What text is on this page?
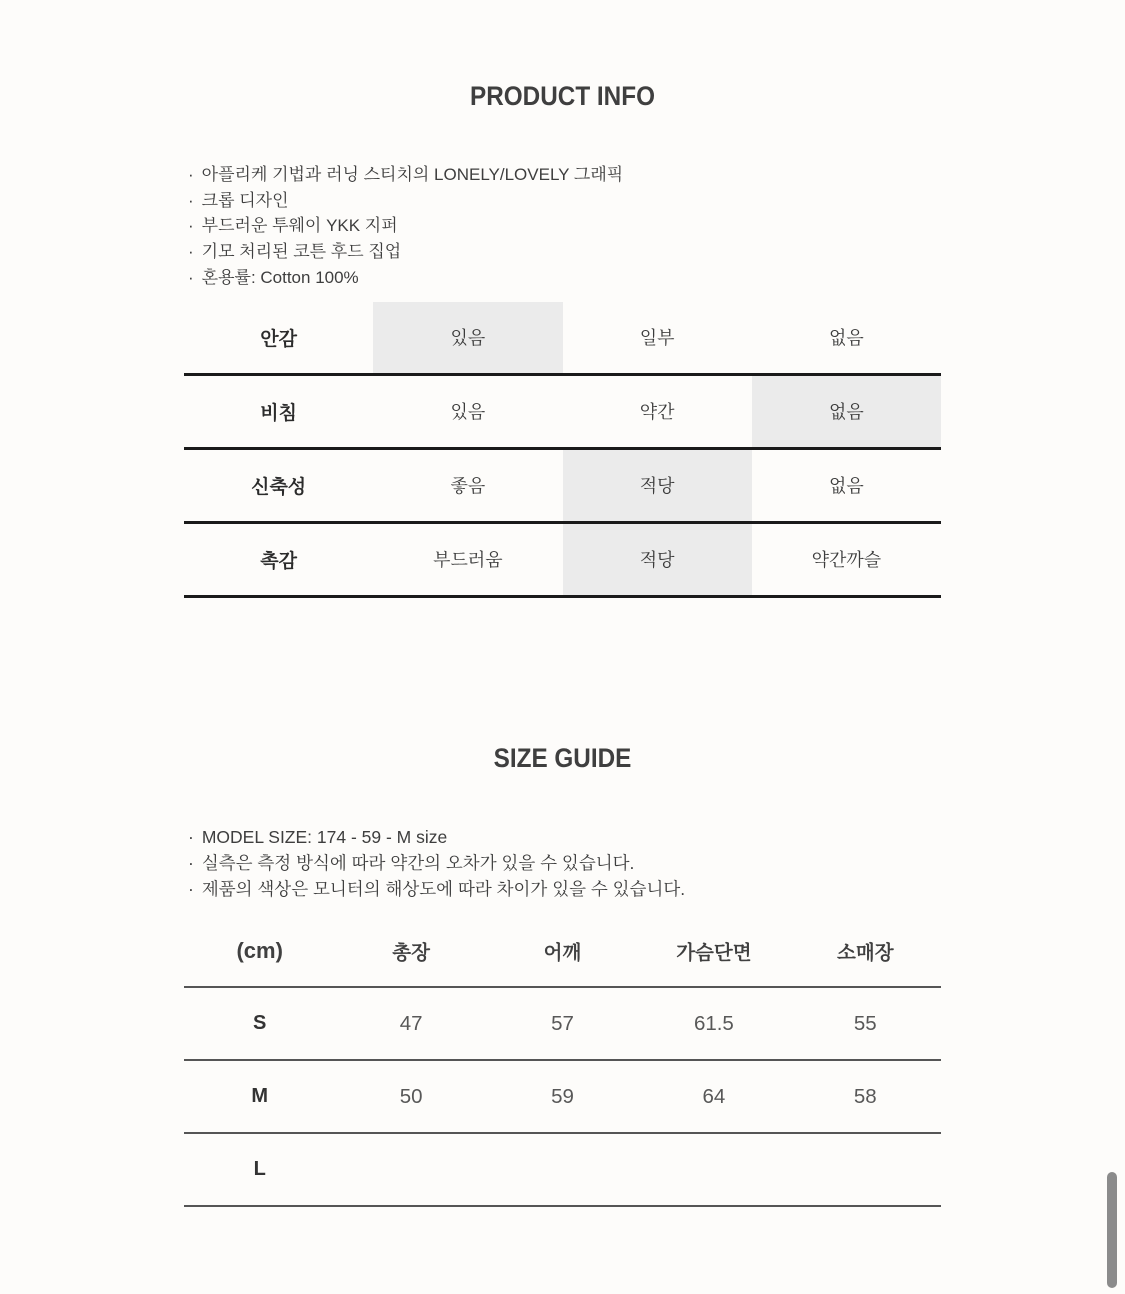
PRODUCT INFO
· 아플리케 기법과 러닝 스티치의 LONELY/LOVELY 그래픽
· 크롭 디자인
· 부드러운 투웨이 YKK 지퍼
· 기모 처리된 코튼 후드 집업
· 혼용률: Cotton 100%
안감	있음	일부	없음
비침	있음	약간	없음
신축성	좋음	적당	없음
촉감	부드러움	적당	약간까슬
SIZE GUIDE
· MODEL SIZE: 174 - 59 - M size
· 실측은 측정 방식에 따라 약간의 오차가 있을 수 있습니다.
· 제품의 색상은 모니터의 해상도에 따라 차이가 있을 수 있습니다.
(cm)	총장	어깨	가슴단면	소매장
S	47	57	61.5	55
M	50	59	64	58
L
